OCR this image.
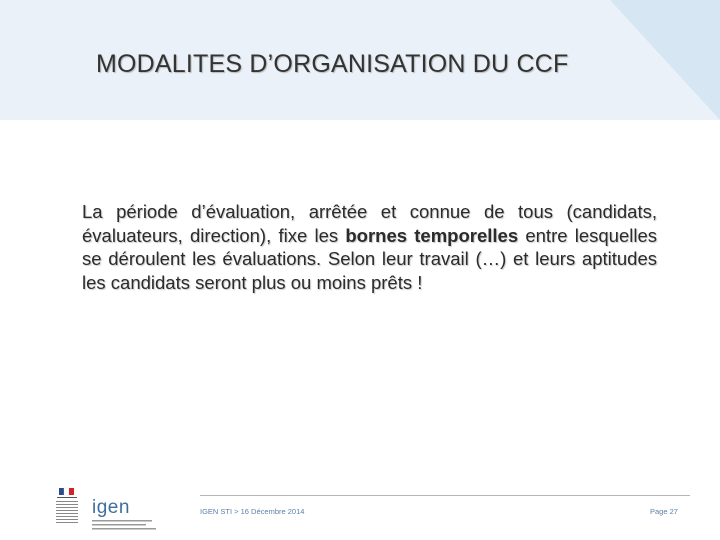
MODALITES D’ORGANISATION DU CCF
La période d’évaluation, arrêtée et connue de tous (candidats, évaluateurs, direction), fixe les bornes temporelles entre lesquelles se déroulent les évaluations. Selon leur travail (…) et leurs aptitudes les candidats seront plus ou moins prêts !
igen	IGEN STI > 16 Décembre 2014	Page 27
